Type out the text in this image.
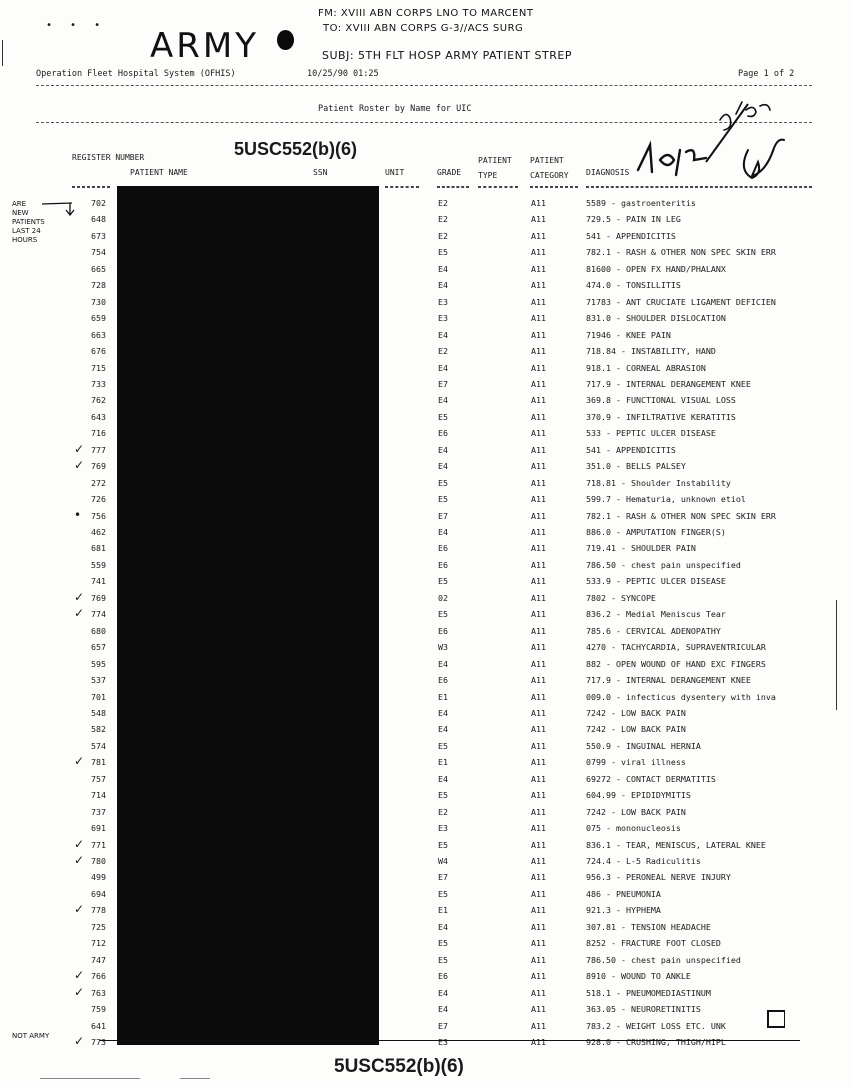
• • •
FM: XVIII ABN CORPS LNO TO MARCENT
TO: XVIII ABN CORPS G-3//ACS SURG
SUBJ: 5TH FLT HOSP ARMY PATIENT STREP
ARMY
Operation Fleet Hospital System (OFHIS)	10/25/90 01:25	Page 1 of 2
Patient Roster by Name for UIC
5USC552(b)(6)
REGISTER NUMBER
PATIENT NAME	SSN	UNIT	GRADE
PATIENT TYPE
PATIENT CATEGORY	DIAGNOSIS
ARE
NEW
PATIENTS
LAST 24
HOURS
702	E2	A11	5589 - gastroenteritis
648	E2	A11	729.5 - PAIN IN LEG
673	E2	A11	541 - APPENDICITIS
754	E5	A11	782.1 - RASH & OTHER NON SPEC SKIN ERR
665	E4	A11	81600 - OPEN FX HAND/PHALANX
728	E4	A11	474.0 - TONSILLITIS
730	E3	A11	71783 - ANT CRUCIATE LIGAMENT DEFICIEN
659	E3	A11	831.0 - SHOULDER DISLOCATION
663	E4	A11	71946 - KNEE PAIN
676	E2	A11	718.84 - INSTABILITY, HAND
715	E4	A11	918.1 - CORNEAL ABRASION
733	E7	A11	717.9 - INTERNAL DERANGEMENT KNEE
762	E4	A11	369.8 - FUNCTIONAL VISUAL LOSS
643	E5	A11	370.9 - INFILTRATIVE KERATITIS
716	E6	A11	533 - PEPTIC ULCER DISEASE
✓ 777	E4	A11	541 - APPENDICITIS
✓ 769	E4	A11	351.0 - BELLS PALSEY
272	E5	A11	718.81 - Shoulder Instability
726	E5	A11	599.7 - Hematuria, unknown etiol
•	756	E7	A11	782.1 - RASH & OTHER NON SPEC SKIN ERR
462	E4	A11	886.0 - AMPUTATION FINGER(S)
681	E6	A11	719.41 - SHOULDER PAIN
559	E6	A11	786.50 - chest pain unspecified
741	E5	A11	533.9 - PEPTIC ULCER DISEASE
✓ 769	02	A11	7802 - SYNCOPE
✓ 774	E5	A11	836.2 - Medial Meniscus Tear
680	E6	A11	785.6 - CERVICAL ADENOPATHY
657	W3	A11	4270 - TACHYCARDIA, SUPRAVENTRICULAR
595	E4	A11	882 - OPEN WOUND OF HAND EXC FINGERS
537	E6	A11	717.9 - INTERNAL DERANGEMENT KNEE
701	E1	A11	009.0 - infecticus dysentery with inva
548	E4	A11	7242 - LOW BACK PAIN
582	E4	A11	7242 - LOW BACK PAIN
574	E5	A11	550.9 - INGUINAL HERNIA
✓ 781	E1	A11	0799 - viral illness
757	E4	A11	69272 - CONTACT DERMATITIS
714	E5	A11	604.99 - EPIDIDYMITIS
737	E2	A11	7242 - LOW BACK PAIN
691	E3	A11	075 - mononucleosis
✓ 771	E5	A11	836.1 - TEAR, MENISCUS, LATERAL KNEE
✓ 780	W4	A11	724.4 - L-5 Radiculitis
499	E7	A11	956.3 - PERONEAL NERVE INJURY
694	E5	A11	486 - PNEUMONIA
✓ 778	E1	A11	921.3 - HYPHEMA
725	E4	A11	307.81 - TENSION HEADACHE
712	E5	A11	8252 - FRACTURE FOOT CLOSED
747	E5	A11	786.50 - chest pain unspecified
✓ 766	E6	A11	8910 - WOUND TO ANKLE
✓ 763	E4	A11	518.1 - PNEUMOMEDIASTINUM
759	E4	A11	363.05 - NEURORETINITIS
641	E7	A11	783.2 - WEIGHT LOSS ETC. UNK
✓ 773	E3	A11	928.0 - CRUSHING, THIGH/HIPL
NOT ARMY
5USC552(b)(6)
